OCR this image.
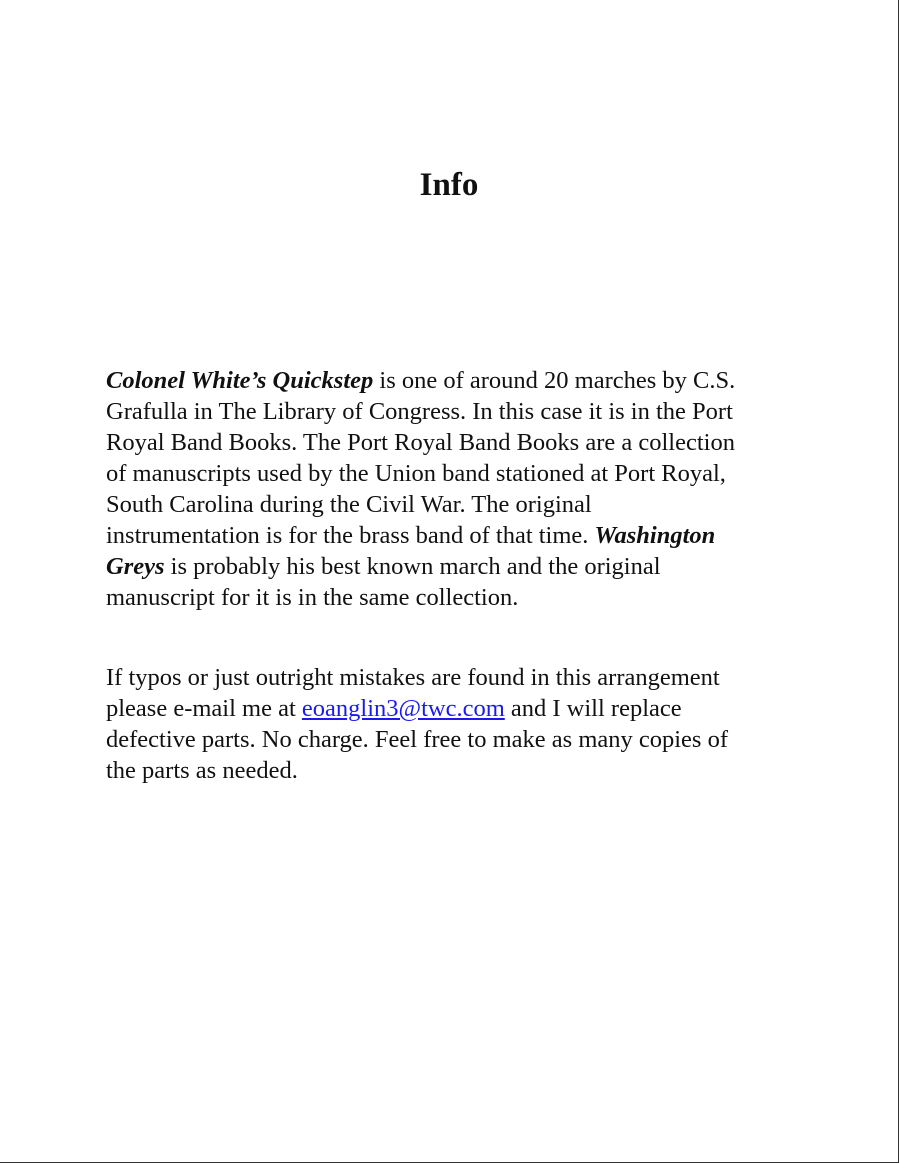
Info

Colonel White’s Quickstep is one of around 20 marches by C.S.
Grafulla in The Library of Congress. In this case it is in the Port
Royal Band Books. The Port Royal Band Books are a collection
of manuscripts used by the Union band stationed at Port Royal,
South Carolina during the Civil War. The original
instrumentation is for the brass band of that time. Washington
Greys is probably his best known march and the original
manuscript for it is in the same collection.

If typos or just outright mistakes are found in this arrangement
please e-mail me at eoanglin3@twc.com and I will replace
defective parts. No charge. Feel free to make as many copies of
the parts as needed.
